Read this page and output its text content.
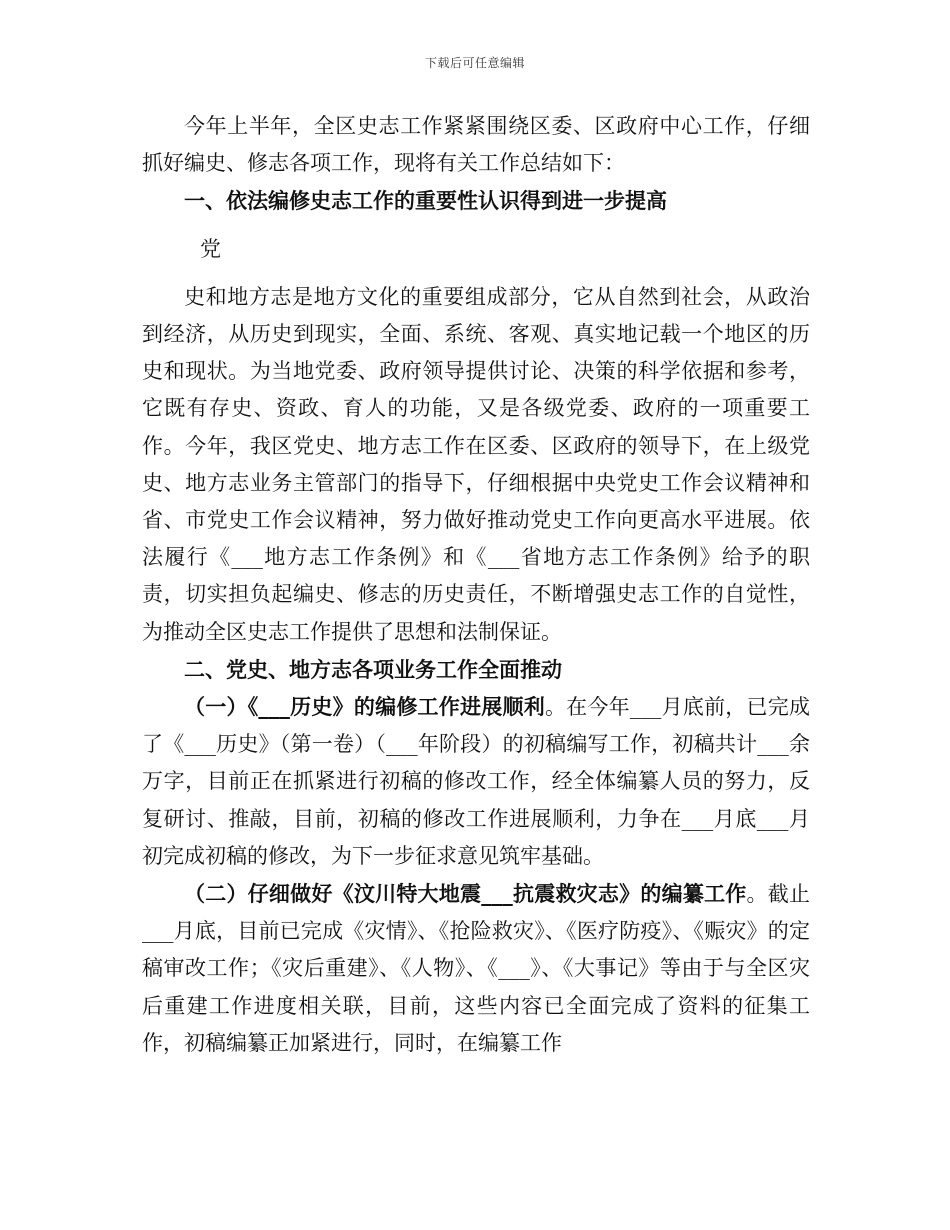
下载后可任意编辑

今年上半年，全区史志工作紧紧围绕区委、区政府中心工作，仔细抓好编史、修志各项工作，现将有关工作总结如下：

一、依法编修史志工作的重要性认识得到进一步提高

党

史和地方志是地方文化的重要组成部分，它从自然到社会，从政治到经济，从历史到现实，全面、系统、客观、真实地记载一个地区的历史和现状。为当地党委、政府领导提供讨论、决策的科学依据和参考，它既有存史、资政、育人的功能，又是各级党委、政府的一项重要工作。今年，我区党史、地方志工作在区委、区政府的领导下，在上级党史、地方志业务主管部门的指导下，仔细根据中央党史工作会议精神和省、市党史工作会议精神，努力做好推动党史工作向更高水平进展。依法履行《___地方志工作条例》和《___省地方志工作条例》给予的职责，切实担负起编史、修志的历史责任，不断增强史志工作的自觉性，为推动全区史志工作提供了思想和法制保证。

二、党史、地方志各项业务工作全面推动

（一）《___历史》的编修工作进展顺利。在今年___月底前，已完成了《___历史》（第一卷）（___年阶段）的初稿编写工作，初稿共计___余万字，目前正在抓紧进行初稿的修改工作，经全体编纂人员的努力，反复研讨、推敲，目前，初稿的修改工作进展顺利，力争在___月底___月初完成初稿的修改，为下一步征求意见筑牢基础。

（二）仔细做好《汶川特大地震___抗震救灾志》的编纂工作。截止___月底，目前已完成《灾情》、《抢险救灾》、《医疗防疫》、《赈灾》的定稿审改工作；《灾后重建》、《人物》、《___》、《大事记》等由于与全区灾后重建工作进度相关联，目前，这些内容已全面完成了资料的征集工作，初稿编纂正加紧进行，同时，在编纂工作
